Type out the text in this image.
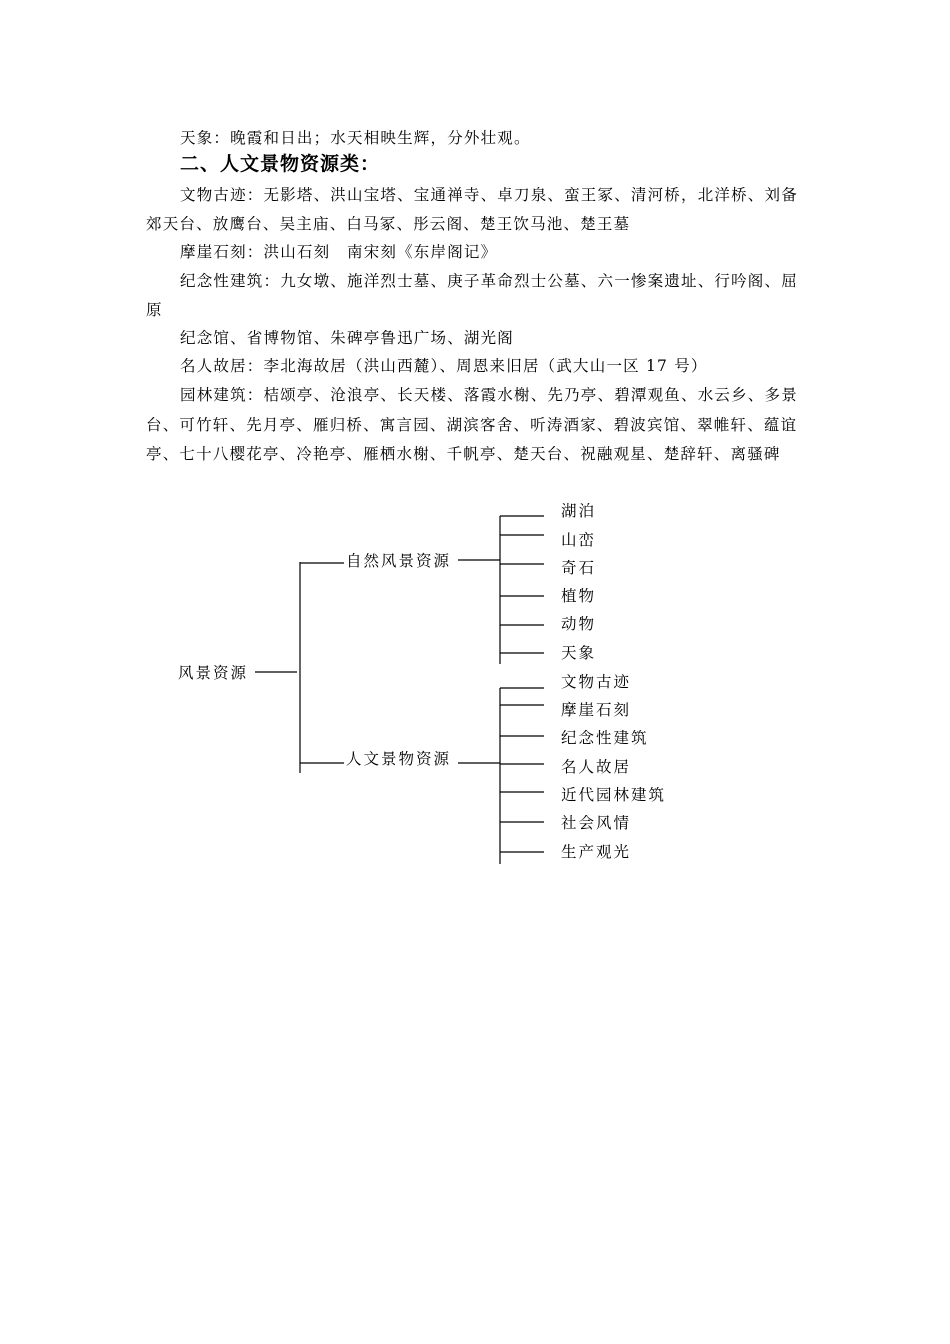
天象：晚霞和日出；水天相映生辉，分外壮观。
二、人文景物资源类：
文物古迹：无影塔、洪山宝塔、宝通禅寺、卓刀泉、蛮王冢、清河桥，北洋桥、刘备
郊天台、放鹰台、吴主庙、白马冢、彤云阁、楚王饮马池、楚王墓
摩崖石刻：洪山石刻　南宋刻《东岸阁记》
纪念性建筑：九女墩、施洋烈士墓、庚子革命烈士公墓、六一惨案遗址、行吟阁、屈
原
纪念馆、省博物馆、朱碑亭鲁迅广场、湖光阁
名人故居：李北海故居（洪山西麓）、周恩来旧居（武大山一区 17 号）
园林建筑：桔颂亭、沧浪亭、长天楼、落霞水榭、先乃亭、碧潭观鱼、水云乡、多景
台、可竹轩、先月亭、雁归桥、寓言园、湖滨客舍、听涛酒家、碧波宾馆、翠帷轩、蕴谊
亭、七十八樱花亭、冷艳亭、雁栖水榭、千帆亭、楚天台、祝融观星、楚辞轩、离骚碑
风景资源
自然风景资源
人文景物资源
湖泊
山峦
奇石
植物
动物
天象
文物古迹
摩崖石刻
纪念性建筑
名人故居
近代园林建筑
社会风情
生产观光
